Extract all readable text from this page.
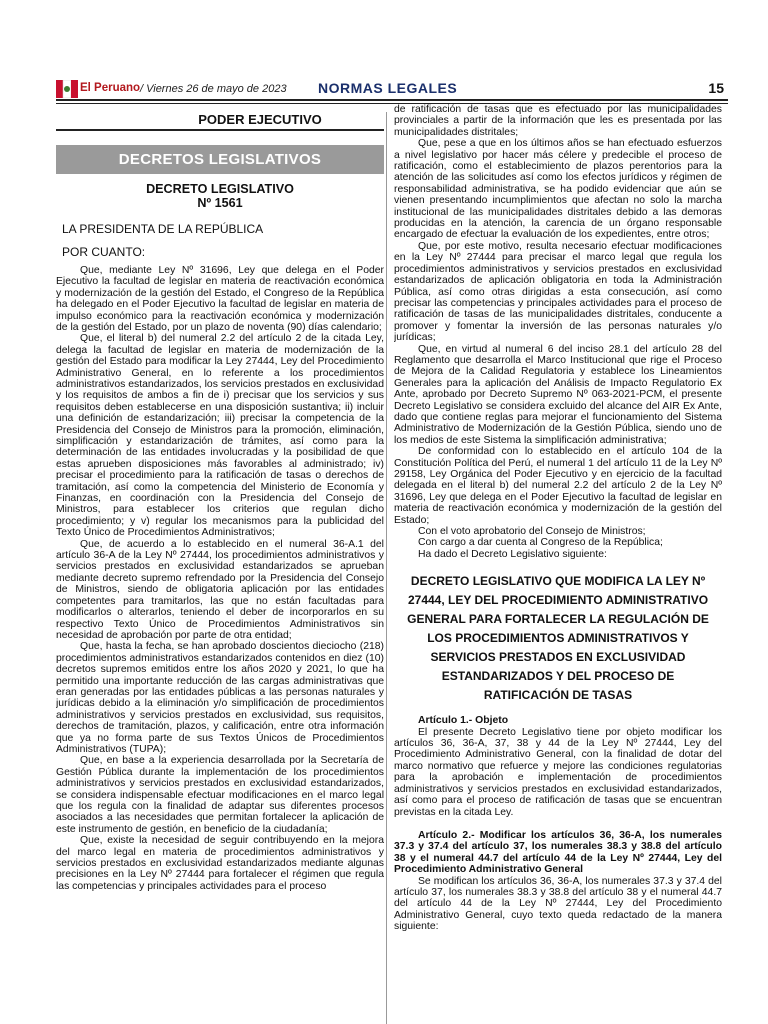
El Peruano / Viernes 26 de mayo de 2023 NORMAS LEGALES	15
PODER EJECUTIVO
DECRETOS LEGISLATIVOS
DECRETO LEGISLATIVO
Nº 1561
LA PRESIDENTA DE LA REPÚBLICA
POR CUANTO:

Que, mediante Ley Nº 31696, Ley que delega en el Poder Ejecutivo la facultad de legislar en materia de reactivación económica y modernización de la gestión del Estado, el Congreso de la República ha delegado en el Poder Ejecutivo la facultad de legislar en materia de impulso económico para la reactivación económica y modernización de la gestión del Estado, por un plazo de noventa (90) días calendario;

Que, el literal b) del numeral 2.2 del artículo 2 de la citada Ley, delega la facultad de legislar en materia de modernización de la gestión del Estado para modificar la Ley 27444, Ley del Procedimiento Administrativo General, en lo referente a los procedimientos administrativos estandarizados, los servicios prestados en exclusividad y los requisitos de ambos a fin de i) precisar que los servicios y sus requisitos deben establecerse en una disposición sustantiva; ii) incluir una definición de estandarización; iii) precisar la competencia de la Presidencia del Consejo de Ministros para la promoción, eliminación, simplificación y estandarización de trámites, así como para la determinación de las entidades involucradas y la posibilidad de que estas aprueben disposiciones más favorables al administrado; iv) precisar el procedimiento para la ratificación de tasas o derechos de tramitación, así como la competencia del Ministerio de Economía y Finanzas, en coordinación con la Presidencia del Consejo de Ministros, para establecer los criterios que regulan dicho procedimiento; y v) regular los mecanismos para la publicidad del Texto Único de Procedimientos Administrativos;

Que, de acuerdo a lo establecido en el numeral 36-A.1 del artículo 36-A de la Ley Nº 27444, los procedimientos administrativos y servicios prestados en exclusividad estandarizados se aprueban mediante decreto supremo refrendado por la Presidencia del Consejo de Ministros, siendo de obligatoria aplicación por las entidades competentes para tramitarlos, las que no están facultadas para modificarlos o alterarlos, teniendo el deber de incorporarlos en su respectivo Texto Único de Procedimientos Administrativos sin necesidad de aprobación por parte de otra entidad;

Que, hasta la fecha, se han aprobado doscientos dieciocho (218) procedimientos administrativos estandarizados contenidos en diez (10) decretos supremos emitidos entre los años 2020 y 2021, lo que ha permitido una importante reducción de las cargas administrativas que eran generadas por las entidades públicas a las personas naturales y jurídicas debido a la eliminación y/o simplificación de procedimientos administrativos y servicios prestados en exclusividad, sus requisitos, derechos de tramitación, plazos, y calificación, entre otra información que ya no forma parte de sus Textos Únicos de Procedimientos Administrativos (TUPA);

Que, en base a la experiencia desarrollada por la Secretaría de Gestión Pública durante la implementación de los procedimientos administrativos y servicios prestados en exclusividad estandarizados, se considera indispensable efectuar modificaciones en el marco legal que los regula con la finalidad de adaptar sus diferentes procesos asociados a las necesidades que permitan fortalecer la aplicación de este instrumento de gestión, en beneficio de la ciudadanía;

Que, existe la necesidad de seguir contribuyendo en la mejora del marco legal en materia de procedimientos administrativos y servicios prestados en exclusividad estandarizados mediante algunas precisiones en la Ley Nº 27444 para fortalecer el régimen que regula las competencias y principales actividades para el proceso

de ratificación de tasas que es efectuado por las municipalidades provinciales a partir de la información que les es presentada por las municipalidades distritales;

Que, pese a que en los últimos años se han efectuado esfuerzos a nivel legislativo por hacer más célere y predecible el proceso de ratificación, como el establecimiento de plazos perentorios para la atención de las solicitudes así como los efectos jurídicos y régimen de responsabilidad administrativa, se ha podido evidenciar que aún se vienen presentando incumplimientos que afectan no solo la marcha institucional de las municipalidades distritales debido a las demoras producidas en la atención, la carencia de un órgano responsable encargado de efectuar la evaluación de los expedientes, entre otros;

Que, por este motivo, resulta necesario efectuar modificaciones en la Ley Nº 27444 para precisar el marco legal que regula los procedimientos administrativos y servicios prestados en exclusividad estandarizados de aplicación obligatoria en toda la Administración Pública, así como otras dirigidas a esta consecución, así como precisar las competencias y principales actividades para el proceso de ratificación de tasas de las municipalidades distritales, conducente a promover y fomentar la inversión de las personas naturales y/o jurídicas;

Que, en virtud al numeral 6 del inciso 28.1 del artículo 28 del Reglamento que desarrolla el Marco Institucional que rige el Proceso de Mejora de la Calidad Regulatoria y establece los Lineamientos Generales para la aplicación del Análisis de Impacto Regulatorio Ex Ante, aprobado por Decreto Supremo Nº 063-2021-PCM, el presente Decreto Legislativo se considera excluido del alcance del AIR Ex Ante, dado que contiene reglas para mejorar el funcionamiento del Sistema Administrativo de Modernización de la Gestión Pública, siendo uno de los medios de este Sistema la simplificación administrativa;

De conformidad con lo establecido en el artículo 104 de la Constitución Política del Perú, el numeral 1 del artículo 11 de la Ley Nº 29158, Ley Orgánica del Poder Ejecutivo y en ejercicio de la facultad delegada en el literal b) del numeral 2.2 del artículo 2 de la Ley Nº 31696, Ley que delega en el Poder Ejecutivo la facultad de legislar en materia de reactivación económica y modernización de la gestión del Estado;

Con el voto aprobatorio del Consejo de Ministros;

Con cargo a dar cuenta al Congreso de la República;

Ha dado el Decreto Legislativo siguiente:

DECRETO LEGISLATIVO QUE MODIFICA LA LEY Nº 27444, LEY DEL PROCEDIMIENTO ADMINISTRATIVO GENERAL PARA FORTALECER LA REGULACIÓN DE LOS PROCEDIMIENTOS ADMINISTRATIVOS Y SERVICIOS PRESTADOS EN EXCLUSIVIDAD ESTANDARIZADOS Y DEL PROCESO DE RATIFICACIÓN DE TASAS

Artículo 1.- Objeto

El presente Decreto Legislativo tiene por objeto modificar los artículos 36, 36-A, 37, 38 y 44 de la Ley Nº 27444, Ley del Procedimiento Administrativo General, con la finalidad de dotar del marco normativo que refuerce y mejore las condiciones regulatorias para la aprobación e implementación de procedimientos administrativos y servicios prestados en exclusividad estandarizados, así como para el proceso de ratificación de tasas que se encuentran previstas en la citada Ley.

Artículo 2.- Modificar los artículos 36, 36-A, los numerales 37.3 y 37.4 del artículo 37, los numerales 38.3 y 38.8 del artículo 38 y el numeral 44.7 del artículo 44 de la Ley Nº 27444, Ley del Procedimiento Administrativo General

Se modifican los artículos 36, 36-A, los numerales 37.3 y 37.4 del artículo 37, los numerales 38.3 y 38.8 del artículo 38 y el numeral 44.7 del artículo 44 de la Ley Nº 27444, Ley del Procedimiento Administrativo General, cuyo texto queda redactado de la manera siguiente:
